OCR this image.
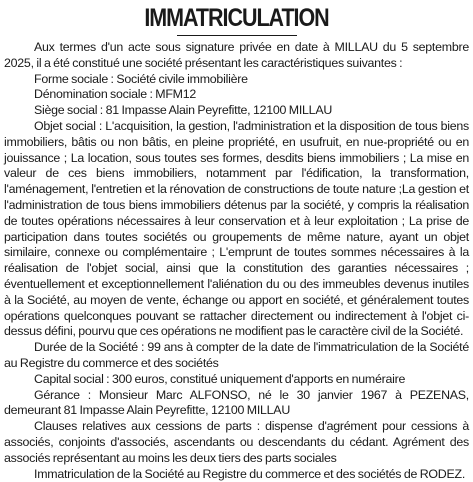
IMMATRICULATION

Aux termes d'un acte sous signature privée en date à MILLAU du 5 septembre 2025, il a été constitué une société présentant les caractéristiques suivantes :

Forme sociale : Société civile immobilière

Dénomination sociale : MFM12

Siège social : 81 Impasse Alain Peyrefitte, 12100 MILLAU

Objet social : L'acquisition, la gestion, l'administration et la disposition de tous biens immobiliers, bâtis ou non bâtis, en pleine propriété, en usufruit, en nue-propriété ou en jouissance ; La location, sous toutes ses formes, desdits biens immobiliers ; La mise en valeur de ces biens immobiliers, notamment par l'édification, la transformation, l'aménagement, l'entretien et la rénovation de constructions de toute nature ;La gestion et l'administration de tous biens immobiliers détenus par la société, y compris la réalisation de toutes opérations nécessaires à leur conservation et à leur exploitation ; La prise de participation dans toutes sociétés ou groupements de même nature, ayant un objet similaire, connexe ou complémentaire ; L'emprunt de toutes sommes nécessaires à la réalisation de l'objet social, ainsi que la constitution des garanties nécessaires ; éventuellement et exceptionnellement l'aliénation du ou des immeubles devenus inutiles à la Société, au moyen de vente, échange ou apport en société, et généralement toutes opérations quelconques pouvant se rattacher directement ou indirectement à l'objet ci-dessus défini, pourvu que ces opérations ne modifient pas le caractère civil de la Société.

Durée de la Société : 99 ans à compter de la date de l'immatriculation de la Société au Registre du commerce et des sociétés

Capital social : 300 euros, constitué uniquement d'apports en numéraire

Gérance : Monsieur Marc ALFONSO, né le 30 janvier 1967 à PEZENAS, demeurant 81 Impasse Alain Peyrefitte, 12100 MILLAU

Clauses relatives aux cessions de parts : dispense d'agrément pour cessions à associés, conjoints d'associés, ascendants ou descendants du cédant. Agrément des associés représentant au moins les deux tiers des parts sociales

Immatriculation de la Société au Registre du commerce et des sociétés de RODEZ.
